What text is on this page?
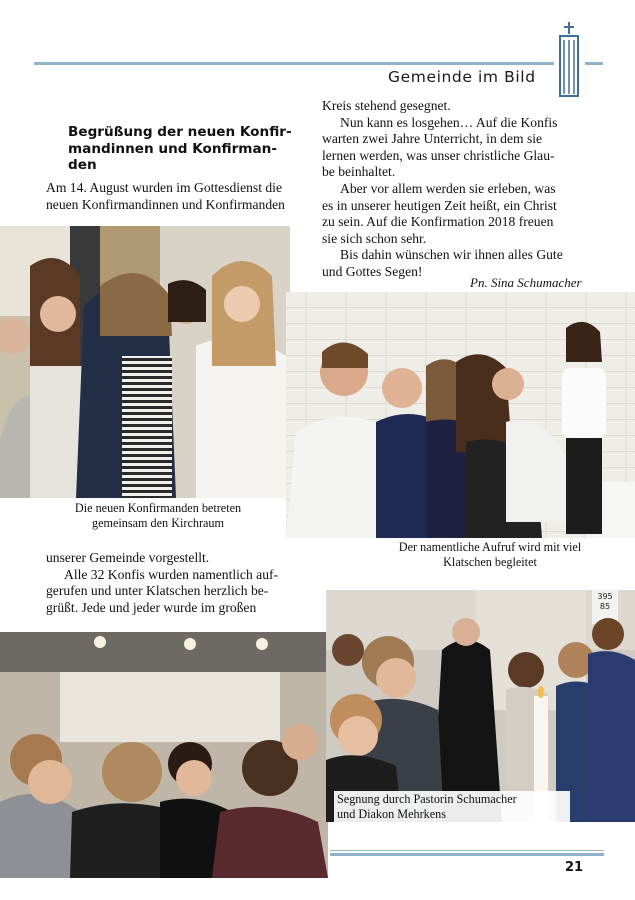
Gemeinde im Bild
Begrüßung der neuen Konfir-
mandinnen und Konfirman-
den

Am 14. August wurden im Gottesdienst die

neuen Konfirmandinnen und Konfirmanden

Kreis stehend gesegnet.

Nun kann es losgehen… Auf die Konfis

warten zwei Jahre Unterricht, in dem sie

lernen werden, was unser christliche Glau-

be beinhaltet.

Aber vor allem werden sie erleben, was

es in unserer heutigen Zeit heißt, ein Christ

zu sein. Auf die Konfirmation 2018 freuen

sie sich schon sehr.

Bis dahin wünschen wir ihnen alles Gute

und Gottes Segen!

Pn. Sina Schumacher
Die neuen Konfirmanden betreten
gemeinsam den Kirchraum
Der namentliche Aufruf wird mit viel
Klatschen begleitet

unserer Gemeinde vorgestellt.

Alle 32 Konfis wurden namentlich auf-

gerufen und unter Klatschen herzlich be-

grüßt. Jede und jeder wurde im großen

395
85
Segnung durch Pastorin Schumacher
und Diakon Mehrkens
21
